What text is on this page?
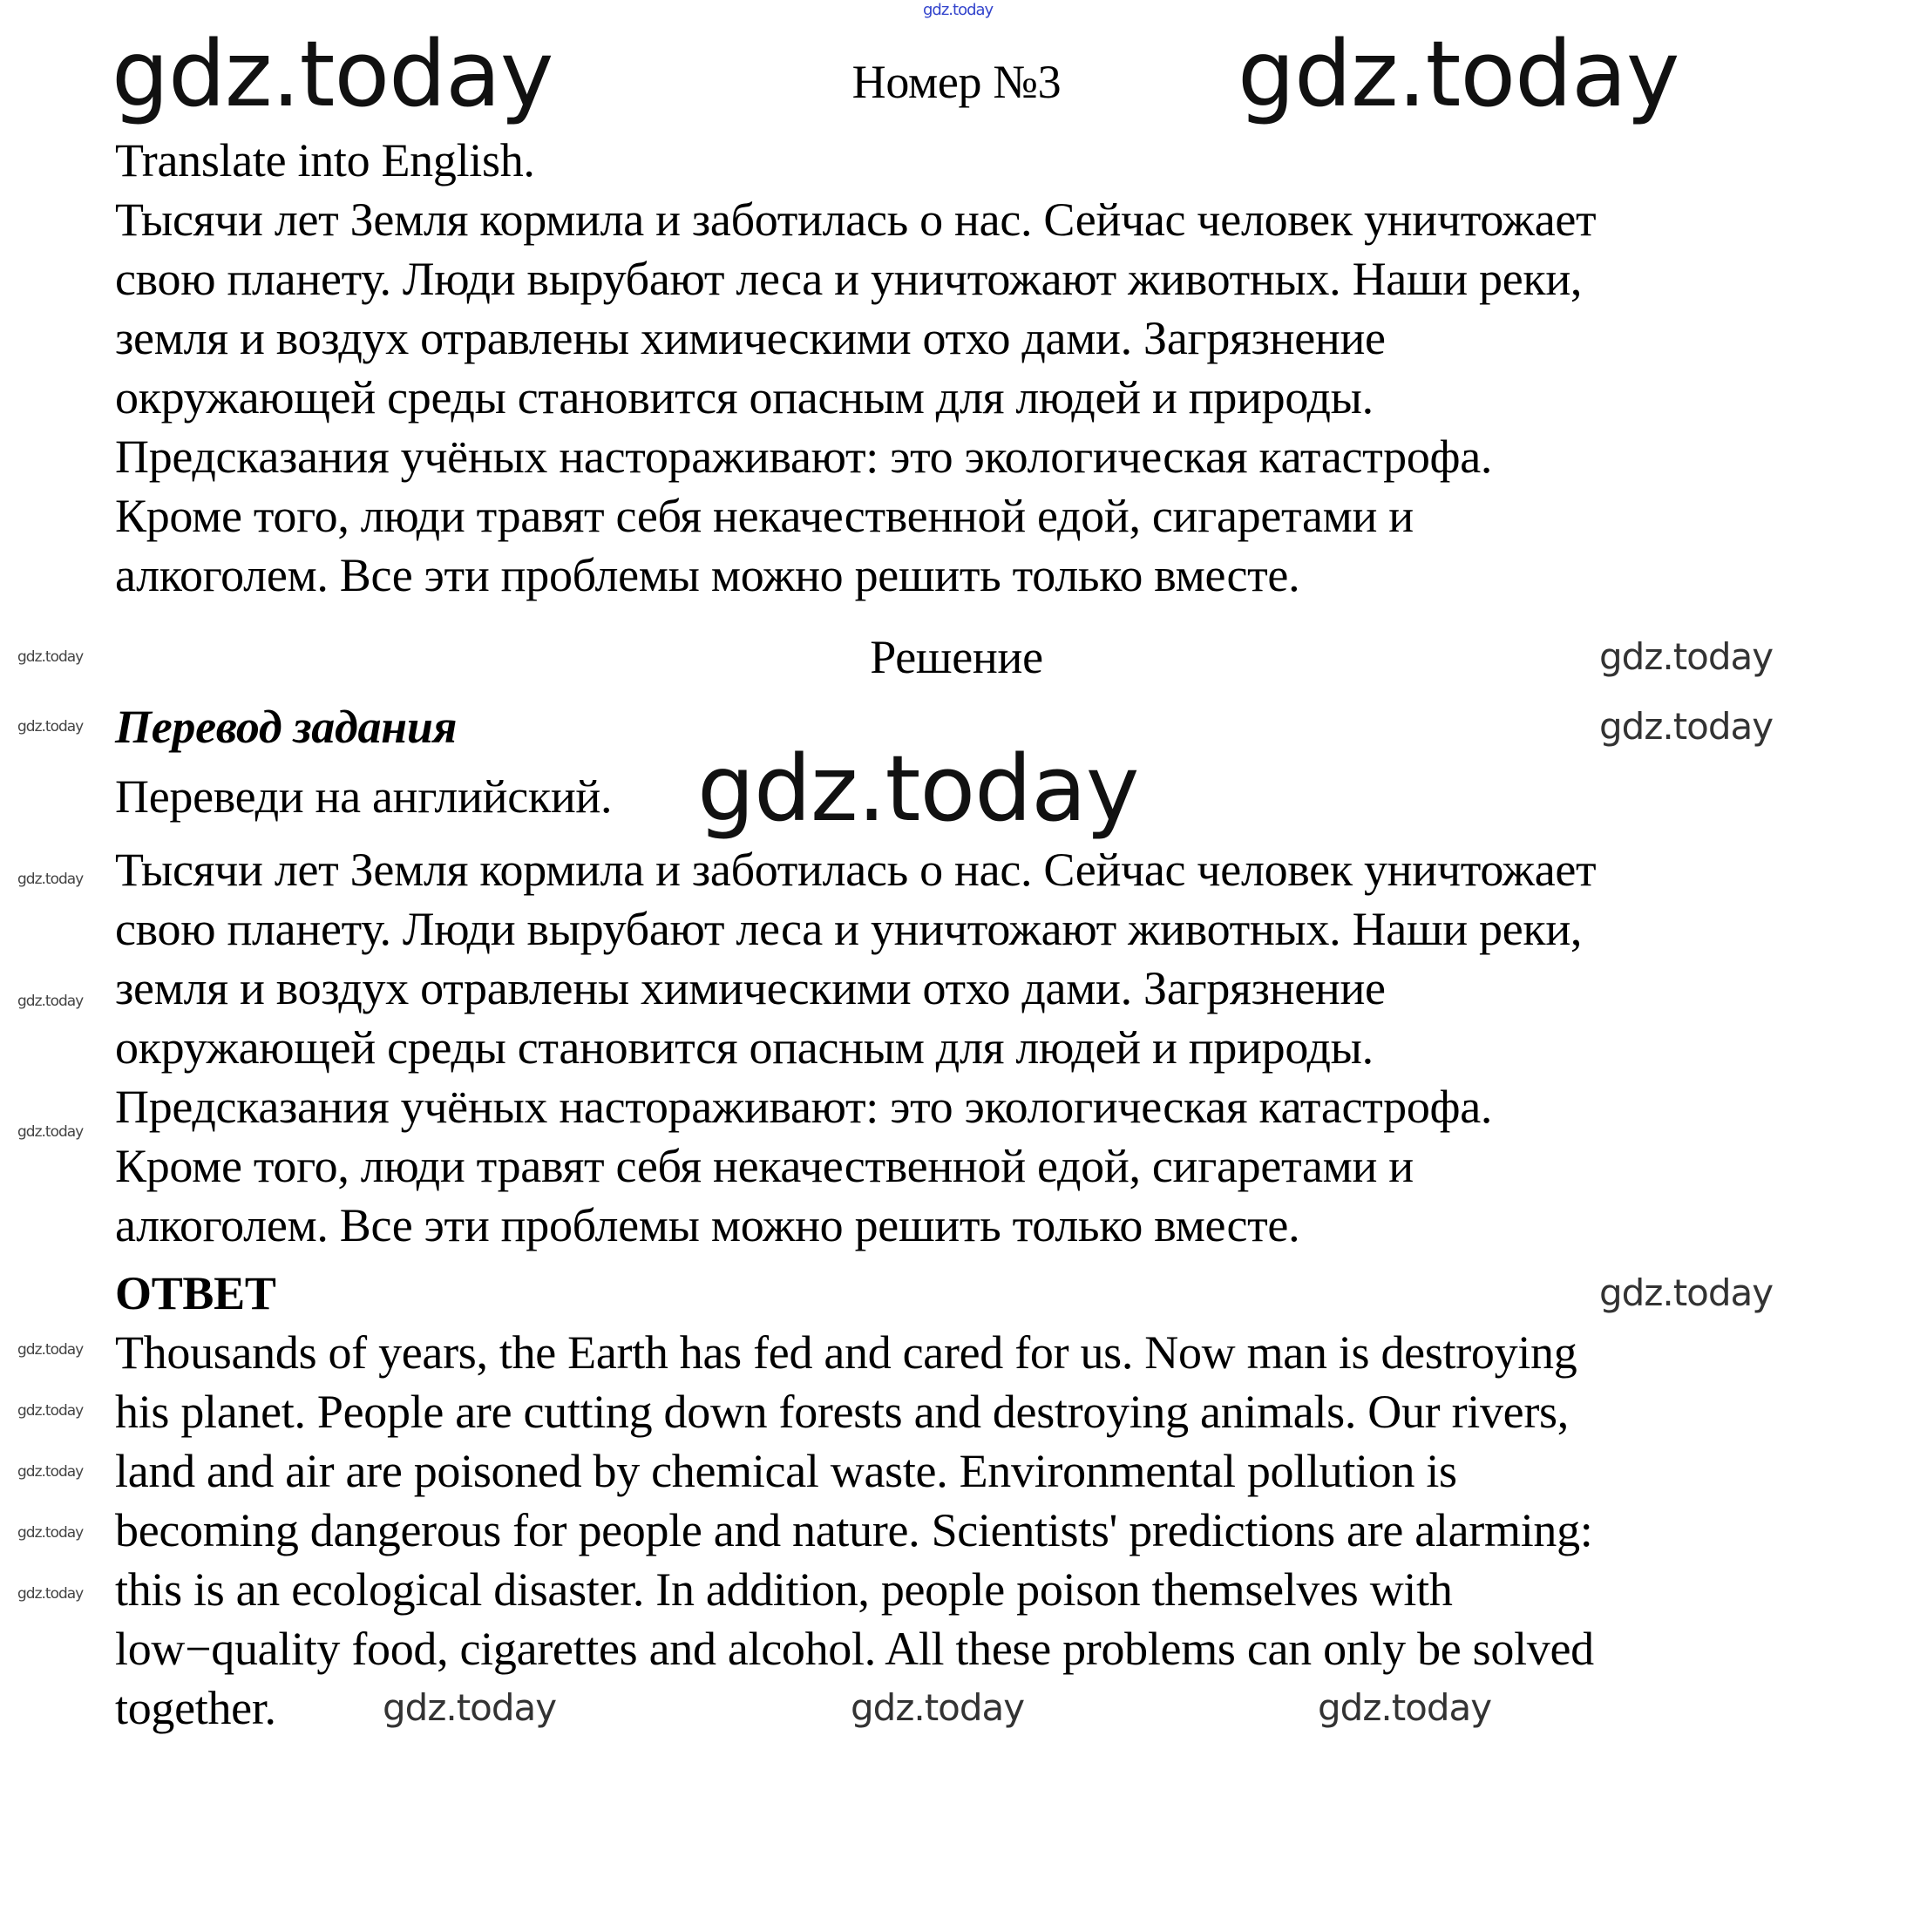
gdz.today
gdz.today	gdz.today
gdz.today
gdz.today
gdz.today
gdz.today
gdz.today	gdz.today	gdz.today
gdz.today
gdz.today
gdz.today
gdz.today
gdz.today
gdz.today
gdz.today
gdz.today
gdz.today
gdz.today
Номер №3
Translate into English.
Тысячи лет Земля кормила и заботилась о нас. Сейчас человек уничтожает
свою планету. Люди вырубают леса и уничтожают животных. Наши реки,
земля и воздух отравлены химическими отхо дами. Загрязнение
окружающей среды становится опасным для людей и природы.
Предсказания учёных настораживают: это экологическая катастрофа.
Кроме того, люди травят себя некачественной едой, сигаретами и
алкоголем. Все эти проблемы можно решить только вместе.
Решение
Перевод задания
Переведи на английский.
Тысячи лет Земля кормила и заботилась о нас. Сейчас человек уничтожает
свою планету. Люди вырубают леса и уничтожают животных. Наши реки,
земля и воздух отравлены химическими отхо дами. Загрязнение
окружающей среды становится опасным для людей и природы.
Предсказания учёных настораживают: это экологическая катастрофа.
Кроме того, люди травят себя некачественной едой, сигаретами и
алкоголем. Все эти проблемы можно решить только вместе.
ОТВЕТ
Thousands of years, the Earth has fed and cared for us. Now man is destroying
his planet. People are cutting down forests and destroying animals. Our rivers,
land and air are poisoned by chemical waste. Environmental pollution is
becoming dangerous for people and nature. Scientists' predictions are alarming:
this is an ecological disaster. In addition, people poison themselves with
low−quality food, cigarettes and alcohol. All these problems can only be solved
together.
